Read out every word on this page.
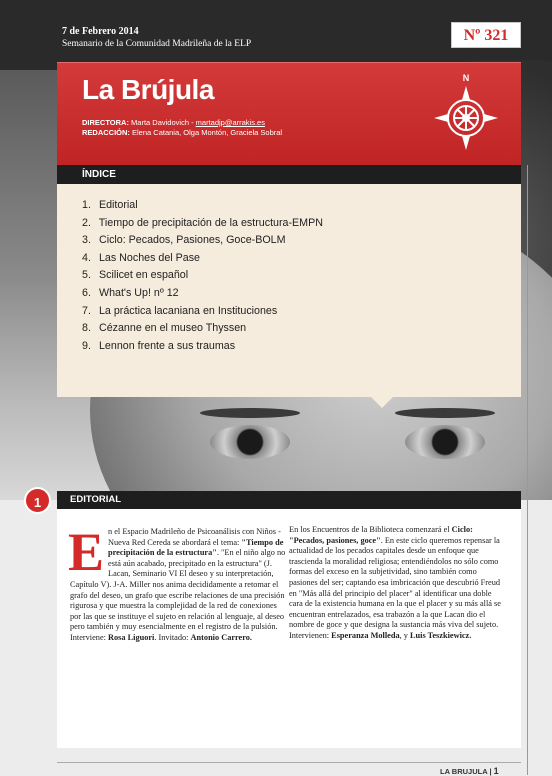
7 de Febrero 2014
Semanario de la Comunidad Madrileña de la ELP	Nº 321
La Brújula
DIRECTORA: Marta Davidovich - martadjp@arrakis.es
REDACCIÓN: Elena Catania, Olga Montón, Graciela Sobral
N
ÍNDICE
1. Editorial
2. Tiempo de precipitación de la estructura-EMPN
3. Ciclo: Pecados, Pasiones, Goce-BOLM
4. Las Noches del Pase
5. Scilicet en español
6. What's Up! nº 12
7. La práctica lacaniana en Instituciones
8. Cézanne en el museo Thyssen
9. Lennon frente a sus traumas
EDITORIAL
1
En el Espacio Madrileño de Psicoanálisis con Niños - Nueva Red Cereda se abordará el tema: "Tiempo de precipitación de la estructura". "En el niño algo no está aún acabado, precipitado en la estructura" (J. Lacan, Seminario VI El deseo y su interpretación, Capítulo V). J-A. Miller nos anima decididamente a retomar el grafo del deseo, un grafo que escribe relaciones de una precisión rigurosa y que muestra la complejidad de la red de conexiones por las que se instituye el sujeto en relación al lenguaje, al deseo pero también y muy esencialmente en el registro de la pulsión. Interviene: Rosa Liguori. Invitado: Antonio Carrero.
En los Encuentros de la Biblioteca comenzará el Ciclo: "Pecados, pasiones, goce". En este ciclo queremos repensar la actualidad de los pecados capitales desde un enfoque que trascienda la moralidad religiosa; entendiéndolos no sólo como formas del exceso en la subjetividad, sino también como pasiones del ser; captando esa imbricación que descubrió Freud en "Más allá del principio del placer" al identificar una doble cara de la existencia humana en la que el placer y su más allá se encuentran entrelazados, esa trabazón a la que Lacan dio el nombre de goce y que designa la sustancia más viva del sujeto. Intervienen: Esperanza Molleda, y Luis Teszkiewicz.
LA BRUJULA | 1
